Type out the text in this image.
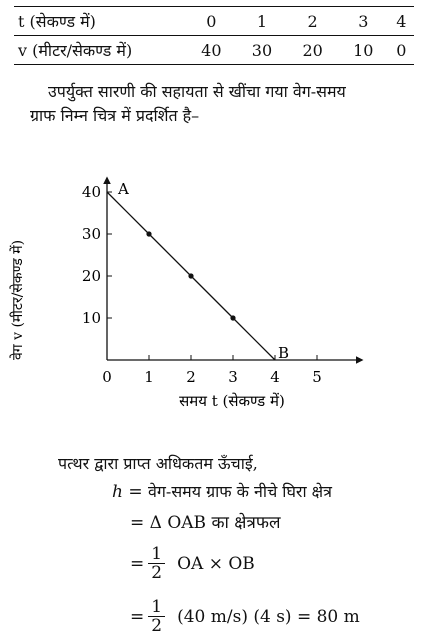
t (सेकण्ड में)	0	1	2	3	4
v (मीटर/सेकण्ड में)	40	30	20	10	0
उपर्युक्त सारणी की सहायता से खींचा गया वेग-समय
ग्राफ निम्न चित्र में प्रदर्शित है–
0 1 2 3 4 5
10
20
30
40
वेग v (मीटर/सेकण्ड में)
समय t (सेकण्ड में)
A
B
पत्थर द्वारा प्राप्त अधिकतम ऊँचाई,
h = वेग-समय ग्राफ के नीचे घिरा क्षेत्र
= Δ OAB का क्षेत्रफल
= $\frac{1}{2}$ OA × OB
= $\frac{1}{2} (40$ m/s) (4 s) = 80 m
